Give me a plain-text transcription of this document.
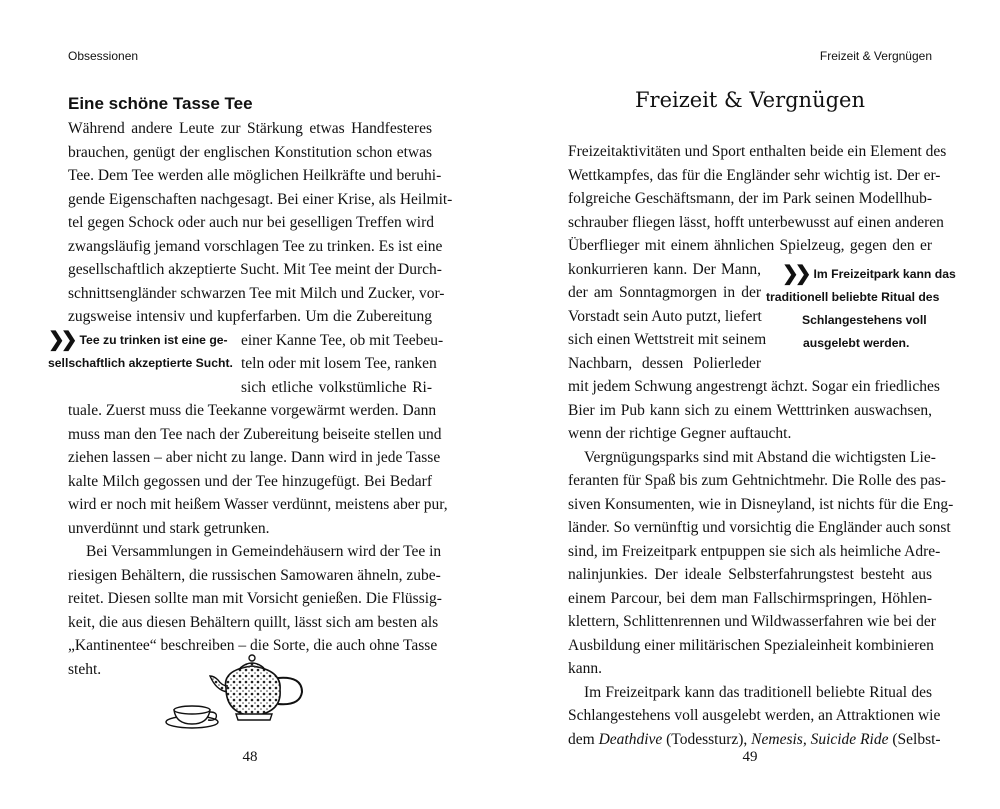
Obsessionen
Eine schöne Tasse Tee
Während andere Leute zur Stärkung etwas Handfesteres
brauchen, genügt der englischen Konstitution schon etwas
Tee. Dem Tee werden alle möglichen Heilkräfte und beruhi-
gende Eigenschaften nachgesagt. Bei einer Krise, als Heilmit-
tel gegen Schock oder auch nur bei geselligen Treffen wird
zwangsläufig jemand vorschlagen Tee zu trinken. Es ist eine
gesellschaftlich akzeptierte Sucht. Mit Tee meint der Durch-
schnittsengländer schwarzen Tee mit Milch und Zucker, vor-
zugsweise intensiv und kupferfarben. Um die Zubereitung
einer Kanne Tee, ob mit Teebeu-
teln oder mit losem Tee, ranken
sich etliche volkstümliche Ri-
❯❯ Tee zu trinken ist eine ge-
sellschaftlich akzeptierte Sucht.
tuale. Zuerst muss die Teekanne vorgewärmt werden. Dann
muss man den Tee nach der Zubereitung beiseite stellen und
ziehen lassen – aber nicht zu lange. Dann wird in jede Tasse
kalte Milch gegossen und der Tee hinzugefügt. Bei Bedarf
wird er noch mit heißem Wasser verdünnt, meistens aber pur,
unverdünnt und stark getrunken.
Bei Versammlungen in Gemeindehäusern wird der Tee in
riesigen Behältern, die russischen Samowaren ähneln, zube-
reitet. Diesen sollte man mit Vorsicht genießen. Die Flüssig-
keit, die aus diesen Behältern quillt, lässt sich am besten als
„Kantinentee“ beschreiben – die Sorte, die auch ohne Tasse
steht.
48
Freizeit & Vergnügen
Freizeit & Vergnügen
Freizeitaktivitäten und Sport enthalten beide ein Element des
Wettkampfes, das für die Engländer sehr wichtig ist. Der er-
folgreiche Geschäftsmann, der im Park seinen Modellhub-
schrauber fliegen lässt, hofft unterbewusst auf einen anderen
Überflieger mit einem ähnlichen Spielzeug, gegen den er
konkurrieren kann. Der Mann,
der am Sonntagmorgen in der
Vorstadt sein Auto putzt, liefert
sich einen Wettstreit mit seinem
Nachbarn, dessen Polierleder
❯❯ Im Freizeitpark kann das
traditionell beliebte Ritual des
Schlangestehens voll
ausgelebt werden.
mit jedem Schwung angestrengt ächzt. Sogar ein friedliches
Bier im Pub kann sich zu einem Wetttrinken auswachsen,
wenn der richtige Gegner auftaucht.
Vergnügungsparks sind mit Abstand die wichtigsten Lie-
feranten für Spaß bis zum Gehtnichtmehr. Die Rolle des pas-
siven Konsumenten, wie in Disneyland, ist nichts für die Eng-
länder. So vernünftig und vorsichtig die Engländer auch sonst
sind, im Freizeitpark entpuppen sie sich als heimliche Adre-
nalinjunkies. Der ideale Selbsterfahrungstest besteht aus
einem Parcour, bei dem man Fallschirmspringen, Höhlen-
klettern, Schlittenrennen und Wildwasserfahren wie bei der
Ausbildung einer militärischen Spezialeinheit kombinieren
kann.
Im Freizeitpark kann das traditionell beliebte Ritual des
Schlangestehens voll ausgelebt werden, an Attraktionen wie
dem Deathdive (Todessturz), Nemesis, Suicide Ride (Selbst-
49
